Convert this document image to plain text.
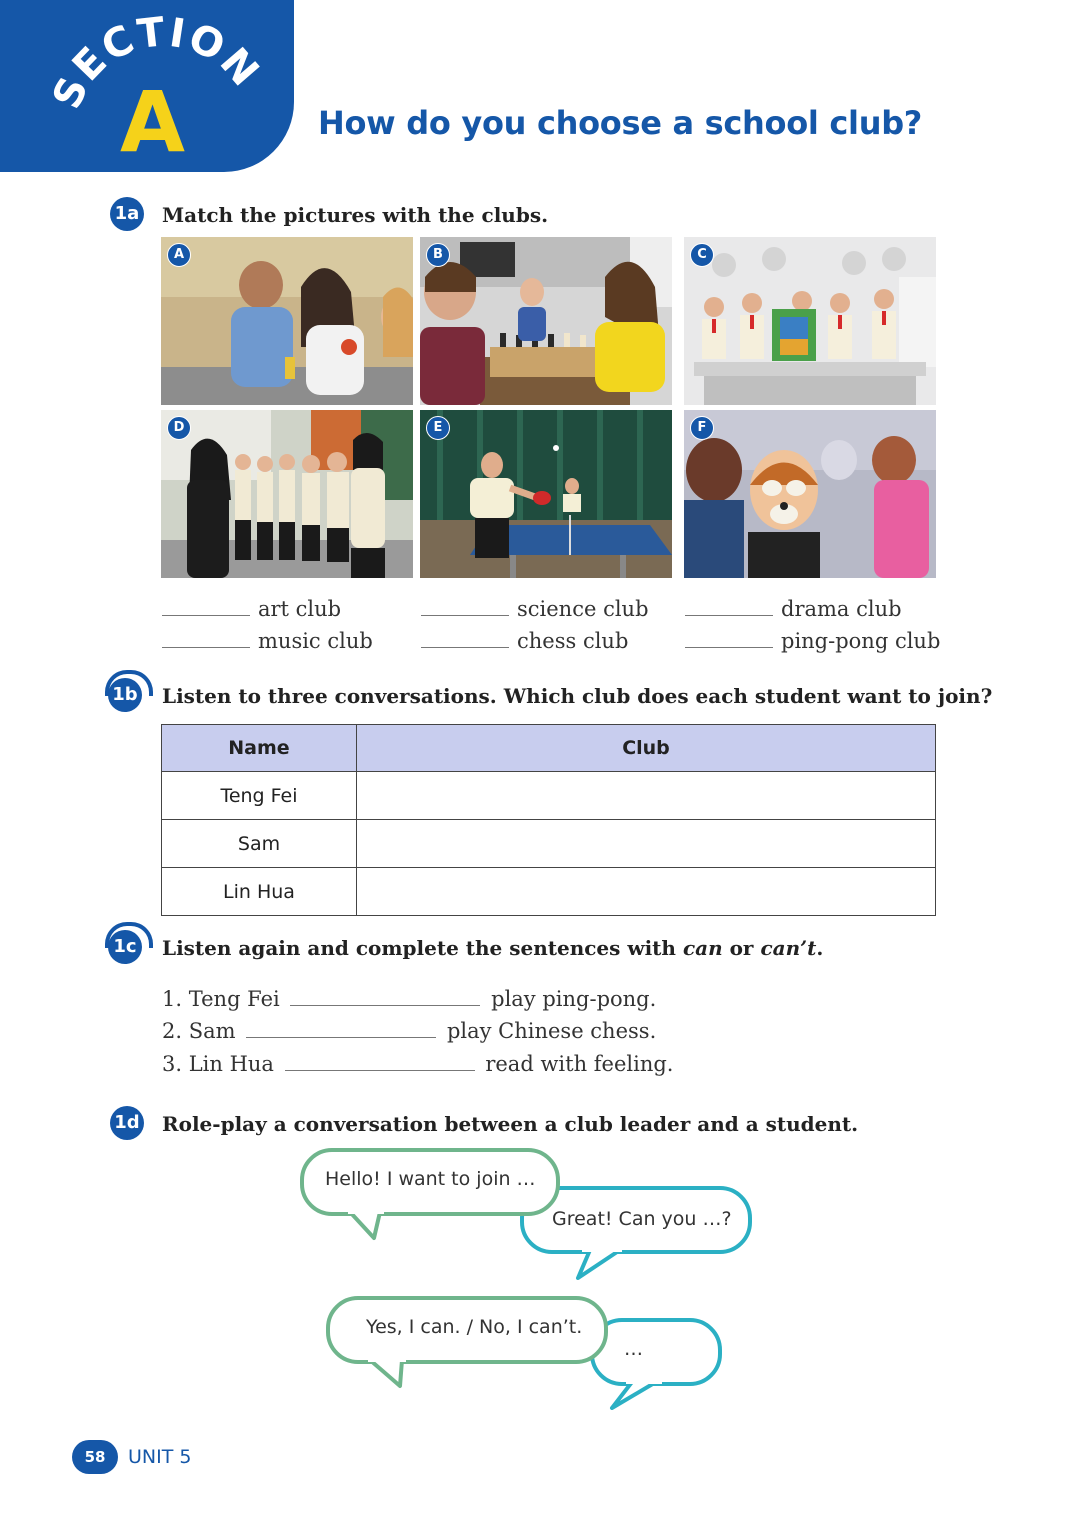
SECTION
A	How do you choose a school club?
1a Match the pictures with the clubs.
A	B	C
D	E	F
art club	science club	drama club
music club	chess club	ping-pong club
1b Listen to three conversations. Which club does each student want to join?
Name	Club
Teng Fei	
Sam	
Lin Hua	
1c Listen again and complete the sentences with can or can’t.
1. Teng Fei	play ping-pong.
2. Sam	play Chinese chess.
3. Lin Hua	read with feeling.
1d Role-play a conversation between a club leader and a student.
Hello! I want to join …
Great! Can you …?
Yes, I can. / No, I can’t.
…
58	UNIT 5
